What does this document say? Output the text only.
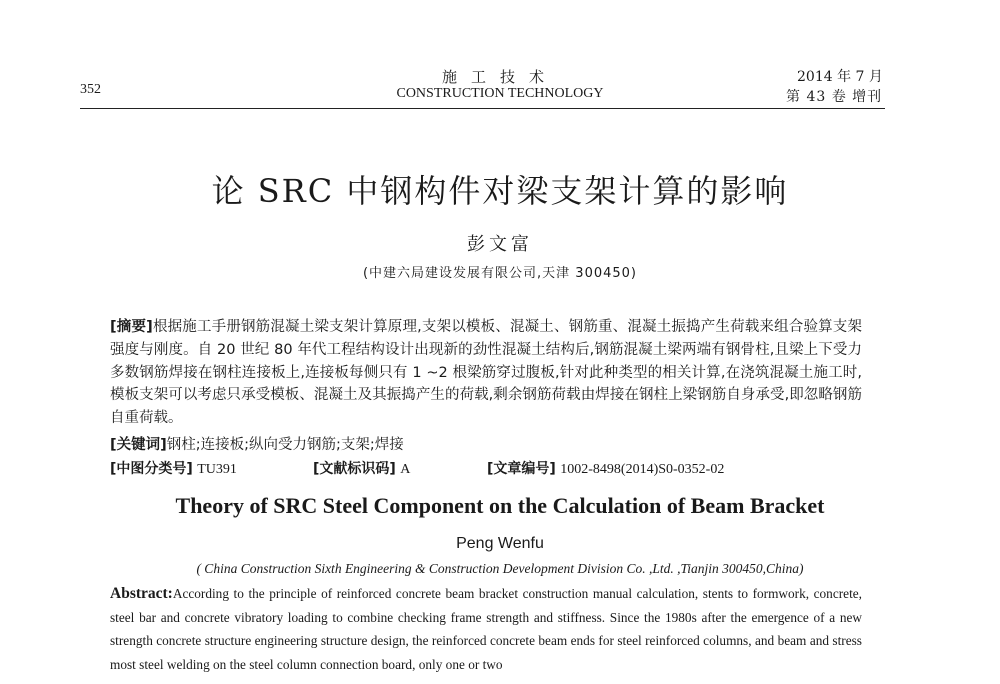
352
施工技术
CONSTRUCTION TECHNOLOGY
2014 年 7 月
第 43 卷 增刊
论 SRC 中钢构件对梁支架计算的影响
彭文富
(中建六局建设发展有限公司,天津 300450)
[摘要]根据施工手册钢筋混凝土梁支架计算原理,支架以模板、混凝土、钢筋重、混凝土振捣产生荷载来组合验算支架强度与刚度。自 20 世纪 80 年代工程结构设计出现新的劲性混凝土结构后,钢筋混凝土梁两端有钢骨柱,且梁上下受力多数钢筋焊接在钢柱连接板上,连接板每侧只有 1 ~2 根梁筋穿过腹板,针对此种类型的相关计算,在浇筑混凝土施工时,模板支架可以考虑只承受模板、混凝土及其振捣产生的荷载,剩余钢筋荷载由焊接在钢柱上梁钢筋自身承受,即忽略钢筋自重荷载。
[关键词]钢柱;连接板;纵向受力钢筋;支架;焊接
[中图分类号] TU391	[文献标识码] A	[文章编号] 1002-8498(2014)S0-0352-02
Theory of SRC Steel Component on the Calculation of Beam Bracket
Peng Wenfu
( China Construction Sixth Engineering & Construction Development Division Co. ,Ltd. ,Tianjin 300450,China)
Abstract:According to the principle of reinforced concrete beam bracket construction manual calculation, stents to formwork, concrete, steel bar and concrete vibratory loading to combine checking frame strength and stiffness. Since the 1980s after the emergence of a new strength concrete structure engineering structure design, the reinforced concrete beam ends for steel reinforced columns, and beam and stress most steel welding on the steel column connection board, only one or two
